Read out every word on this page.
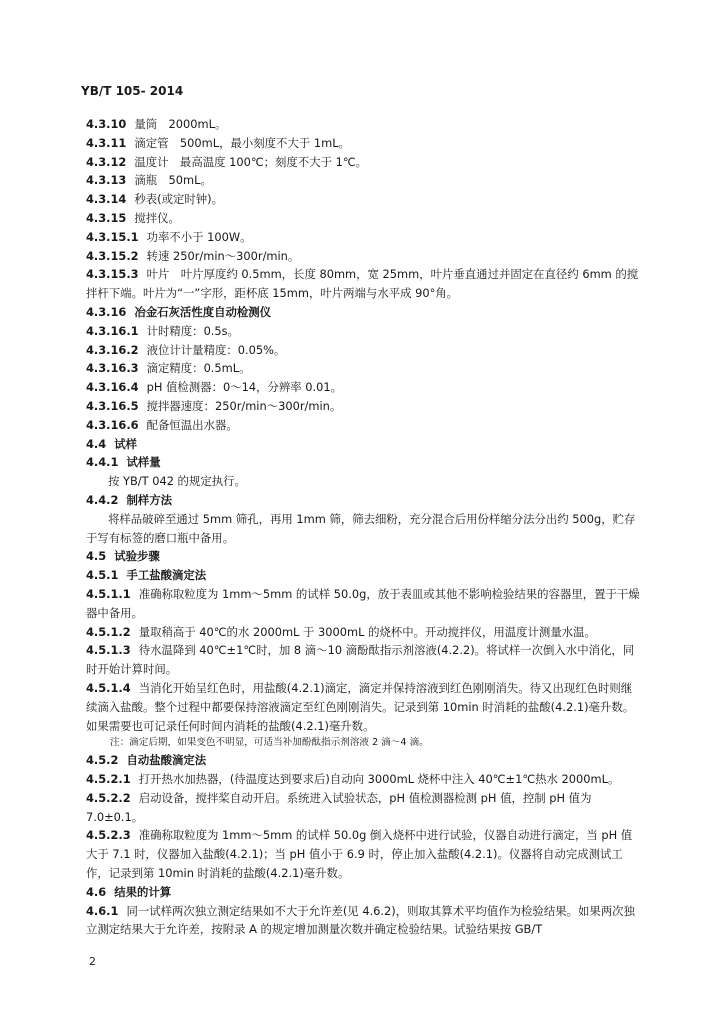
YB/T 105- 2014

4.3.10 量筒　2000mL。

4.3.11 滴定管　500mL，最小刻度不大于 1mL。

4.3.12 温度计　最高温度 100℃；刻度不大于 1℃。

4.3.13 滴瓶　50mL。

4.3.14 秒表(或定时钟)。

4.3.15 搅拌仪。

4.3.15.1 功率不小于 100W。

4.3.15.2 转速 250r/min～300r/min。

4.3.15.3 叶片　叶片厚度约 0.5mm，长度 80mm，宽 25mm，叶片垂直通过并固定在直径约 6mm 的搅拌杆下端。叶片为“一”字形，距杯底 15mm，叶片两端与水平成 90°角。

4.3.16 冶金石灰活性度自动检测仪

4.3.16.1 计时精度：0.5s。

4.3.16.2 液位计计量精度：0.05%。

4.3.16.3 滴定精度：0.5mL。

4.3.16.4 pH 值检测器：0～14，分辨率 0.01。

4.3.16.5 搅拌器速度：250r/min～300r/min。

4.3.16.6 配备恒温出水器。

4.4 试样

4.4.1 试样量

按 YB/T 042 的规定执行。

4.4.2 制样方法

将样品破碎至通过 5mm 筛孔，再用 1mm 筛，筛去细粉，充分混合后用份样缩分法分出约 500g，贮存于写有标签的磨口瓶中备用。

4.5 试验步骤

4.5.1 手工盐酸滴定法

4.5.1.1 准确称取粒度为 1mm～5mm 的试样 50.0g，放于表皿或其他不影响检验结果的容器里，置于干燥器中备用。

4.5.1.2 量取稍高于 40℃的水 2000mL 于 3000mL 的烧杯中。开动搅拌仪，用温度计测量水温。

4.5.1.3 待水温降到 40℃±1℃时，加 8 滴～10 滴酚酞指示剂溶液(4.2.2)。将试样一次倒入水中消化，同时开始计算时间。

4.5.1.4 当消化开始呈红色时，用盐酸(4.2.1)滴定，滴定并保持溶液到红色刚刚消失。待又出现红色时则继续滴入盐酸。整个过程中都要保持溶液滴定至红色刚刚消失。记录到第 10min 时消耗的盐酸(4.2.1)毫升数。如果需要也可记录任何时间内消耗的盐酸(4.2.1)毫升数。

注：滴定后期，如果变色不明显，可适当补加酚酞指示剂溶液 2 滴～4 滴。

4.5.2 自动盐酸滴定法

4.5.2.1 打开热水加热器，(待温度达到要求后)自动向 3000mL 烧杯中注入 40℃±1℃热水 2000mL。

4.5.2.2 启动设备，搅拌桨自动开启。系统进入试验状态，pH 值检测器检测 pH 值，控制 pH 值为 7.0±0.1。

4.5.2.3 准确称取粒度为 1mm～5mm 的试样 50.0g 倒入烧杯中进行试验，仪器自动进行滴定，当 pH 值大于 7.1 时，仪器加入盐酸(4.2.1)；当 pH 值小于 6.9 时，停止加入盐酸(4.2.1)。仪器将自动完成测试工作，记录到第 10min 时消耗的盐酸(4.2.1)毫升数。

4.6 结果的计算

4.6.1 同一试样两次独立测定结果如不大于允许差(见 4.6.2)，则取其算术平均值作为检验结果。如果两次独立测定结果大于允许差，按附录 A 的规定增加测量次数并确定检验结果。试验结果按 GB/T

2
